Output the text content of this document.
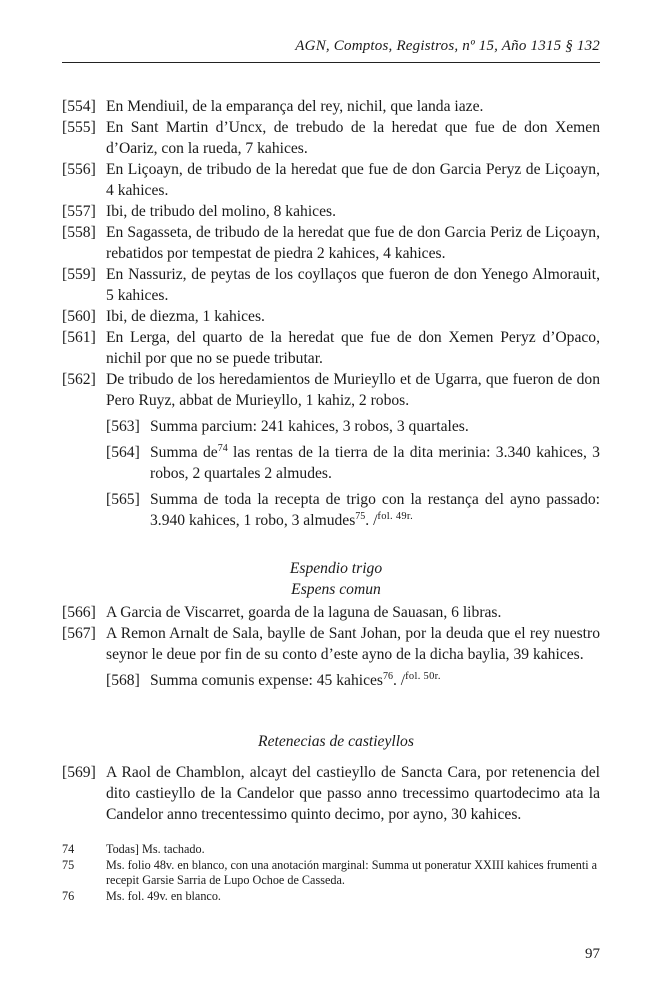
AGN, Comptos, Registros, nº 15, Año 1315 § 132
[554] En Mendiuil, de la emparança del rey, nichil, que landa iaze.
[555] En Sant Martin d’Uncx, de trebudo de la heredat que fue de don Xemen d’Oariz, con la rueda, 7 kahices.
[556] En Liçoayn, de tribudo de la heredat que fue de don Garcia Peryz de Liçoayn, 4 kahices.
[557] Ibi, de tribudo del molino, 8 kahices.
[558] En Sagasseta, de tribudo de la heredat que fue de don Garcia Periz de Liçoayn, rebatidos por tempestat de piedra 2 kahices, 4 kahices.
[559] En Nassuriz, de peytas de los coyllaços que fueron de don Yenego Almorauit, 5 kahices.
[560] Ibi, de diezma, 1 kahices.
[561] En Lerga, del quarto de la heredat que fue de don Xemen Peryz d’Opaco, nichil por que no se puede tributar.
[562] De tribudo de los heredamientos de Murieyllo et de Ugarra, que fueron de don Pero Ruyz, abbat de Murieyllo, 1 kahiz, 2 robos.
[563] Summa parcium: 241 kahices, 3 robos, 3 quartales.
[564] Summa $de^{74}$ las rentas de la tierra de la dita merinia: 3.340 kahices, 3 robos, 2 quartales 2 almudes.
[565] Summa de toda la recepta de trigo con la restança del ayno passado: 3.940 kahices, 1 robo, 3 almudes$^{75}$. /$^{fol. 49r.}$
Espendio trigo
Espens comun
[566] A Garcia de Viscarret, goarda de la laguna de Sauasan, 6 libras.
[567] A Remon Arnalt de Sala, baylle de Sant Johan, por la deuda que el rey nuestro seynor le deue por fin de su conto d’este ayno de la dicha baylia, 39 kahices.
[568] Summa comunis expense: 45 kahices$^{76}$. /$^{fol. 50r.}$
Retenecias de castieyllos
[569] A Raol de Chamblon, alcayt del castieyllo de Sancta Cara, por retenencia del dito castieyllo de la Candelor que passo anno trecessimo quartodecimo ata la Candelor anno trecentessimo quinto decimo, por ayno, 30 kahices.
74	Todas] Ms. tachado.
75	Ms. folio 48v. en blanco, con una anotación marginal: Summa ut poneratur XXIII kahices frumenti a recepit Garsie Sarria de Lupo Ochoe de Casseda.
76	Ms. fol. 49v. en blanco.
97
